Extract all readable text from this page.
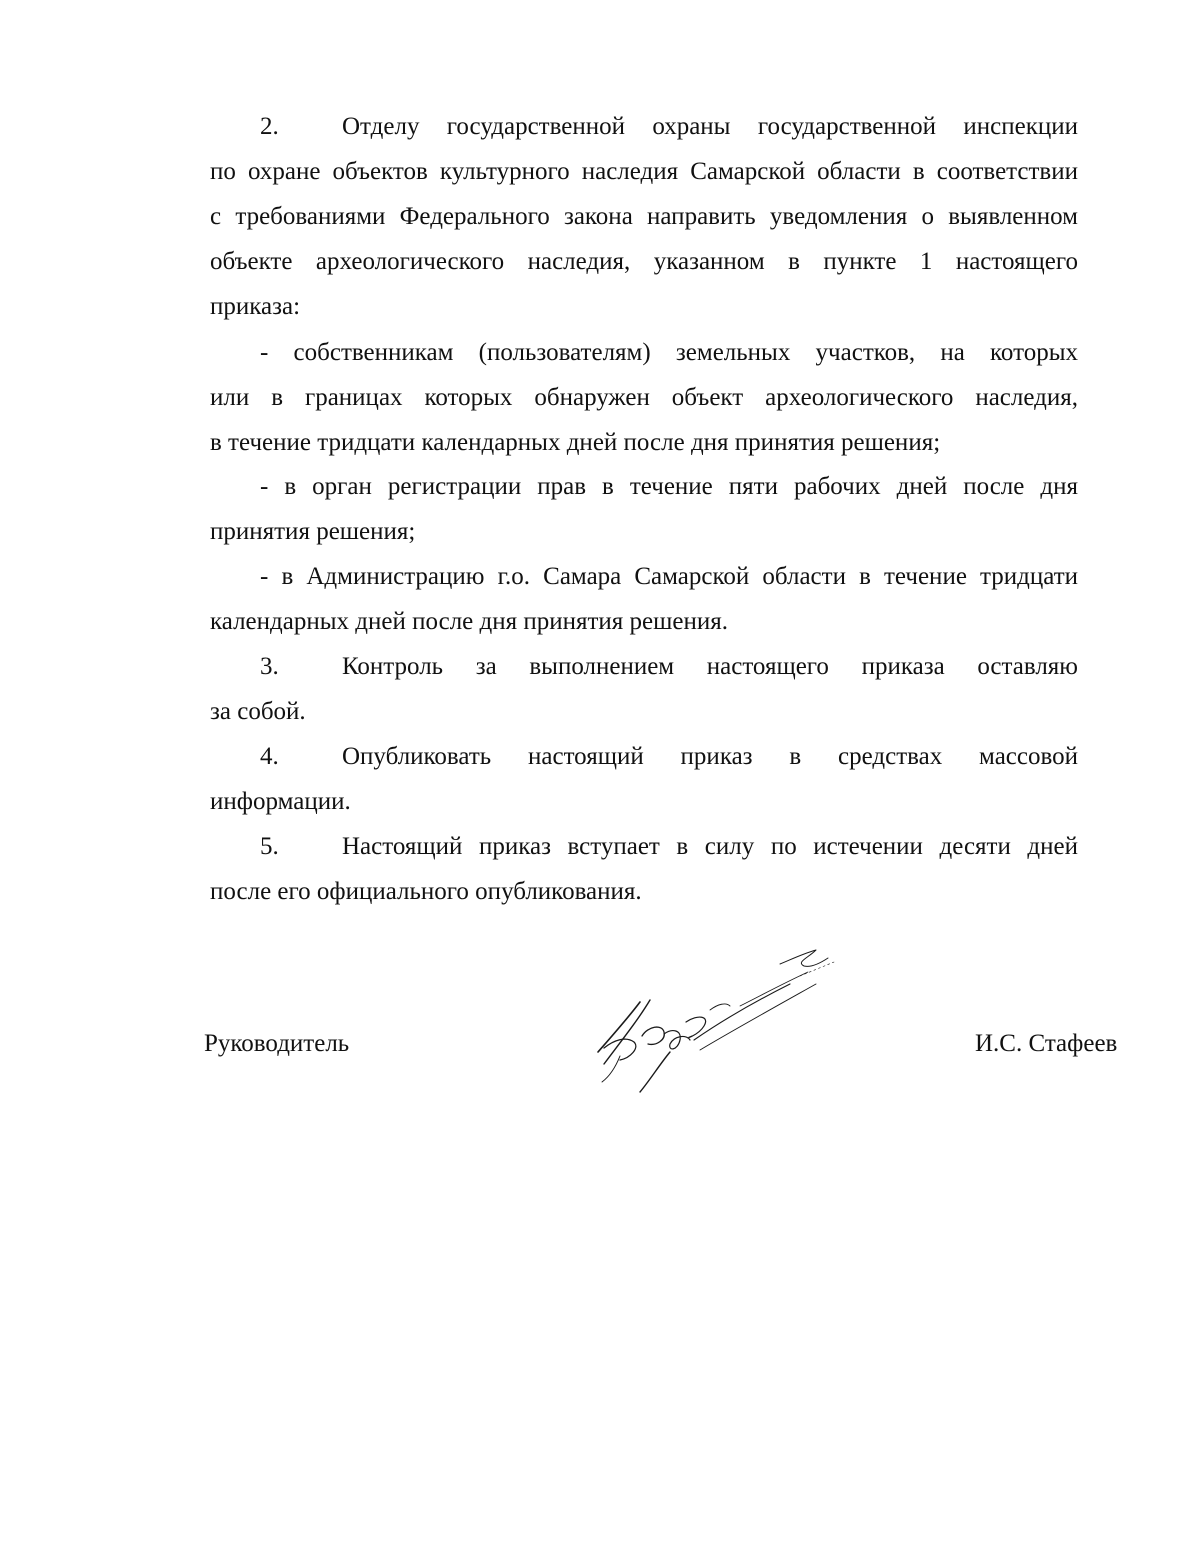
2.	Отделу государственной охраны государственной инспекции
по охране объектов культурного наследия Самарской области в соответствии
с требованиями Федерального закона направить уведомления о выявленном
объекте археологического наследия, указанном в пункте 1 настоящего
приказа:
- собственникам (пользователям) земельных участков, на которых
или в границах которых обнаружен объект археологического наследия,
в течение тридцати календарных дней после дня принятия решения;
- в орган регистрации прав в течение пяти рабочих дней после дня
принятия решения;
- в Администрацию г.о. Самара Самарской области в течение тридцати
календарных дней после дня принятия решения.
3.	Контроль за выполнением настоящего приказа оставляю
за собой.
4.	Опубликовать настоящий приказ в средствах массовой
информации.
5.	Настоящий приказ вступает в силу по истечении десяти дней
после его официального опубликования.
Руководитель	И.С. Стафеев
